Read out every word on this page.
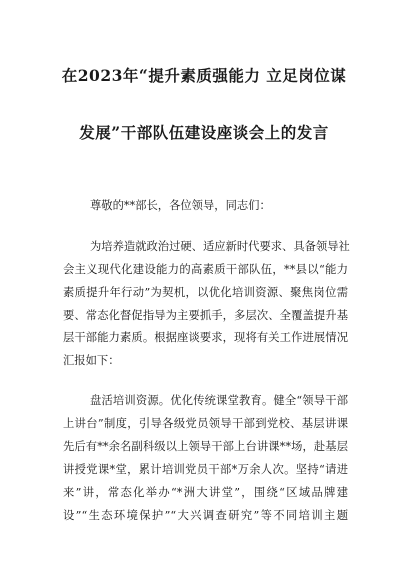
在2023年“提升素质强能力 立足岗位谋
发展”干部队伍建设座谈会上的发言
尊敬的**部长，各位领导，同志们：
为培养造就政治过硬、适应新时代要求、具备领导社
会主义现代化建设能力的高素质干部队伍，**县以“能力
素质提升年行动”为契机，以优化培训资源、聚焦岗位需
要、常态化督促指导为主要抓手，多层次、全覆盖提升基
层干部能力素质。根据座谈要求，现将有关工作进展情况
汇报如下：
盘活培训资源。优化传统课堂教育。健全“领导干部
上讲台”制度，引导各级党员领导干部到党校、基层讲课
先后有**余名副科级以上领导干部上台讲课**场，赴基层
讲授党课*堂，累计培训党员干部*万余人次。坚持“请进
来”讲，常态化举办“*洲大讲堂”，围绕“区域品牌建
设”“生态环境保护”“大兴调查研究”等不同培训主题
